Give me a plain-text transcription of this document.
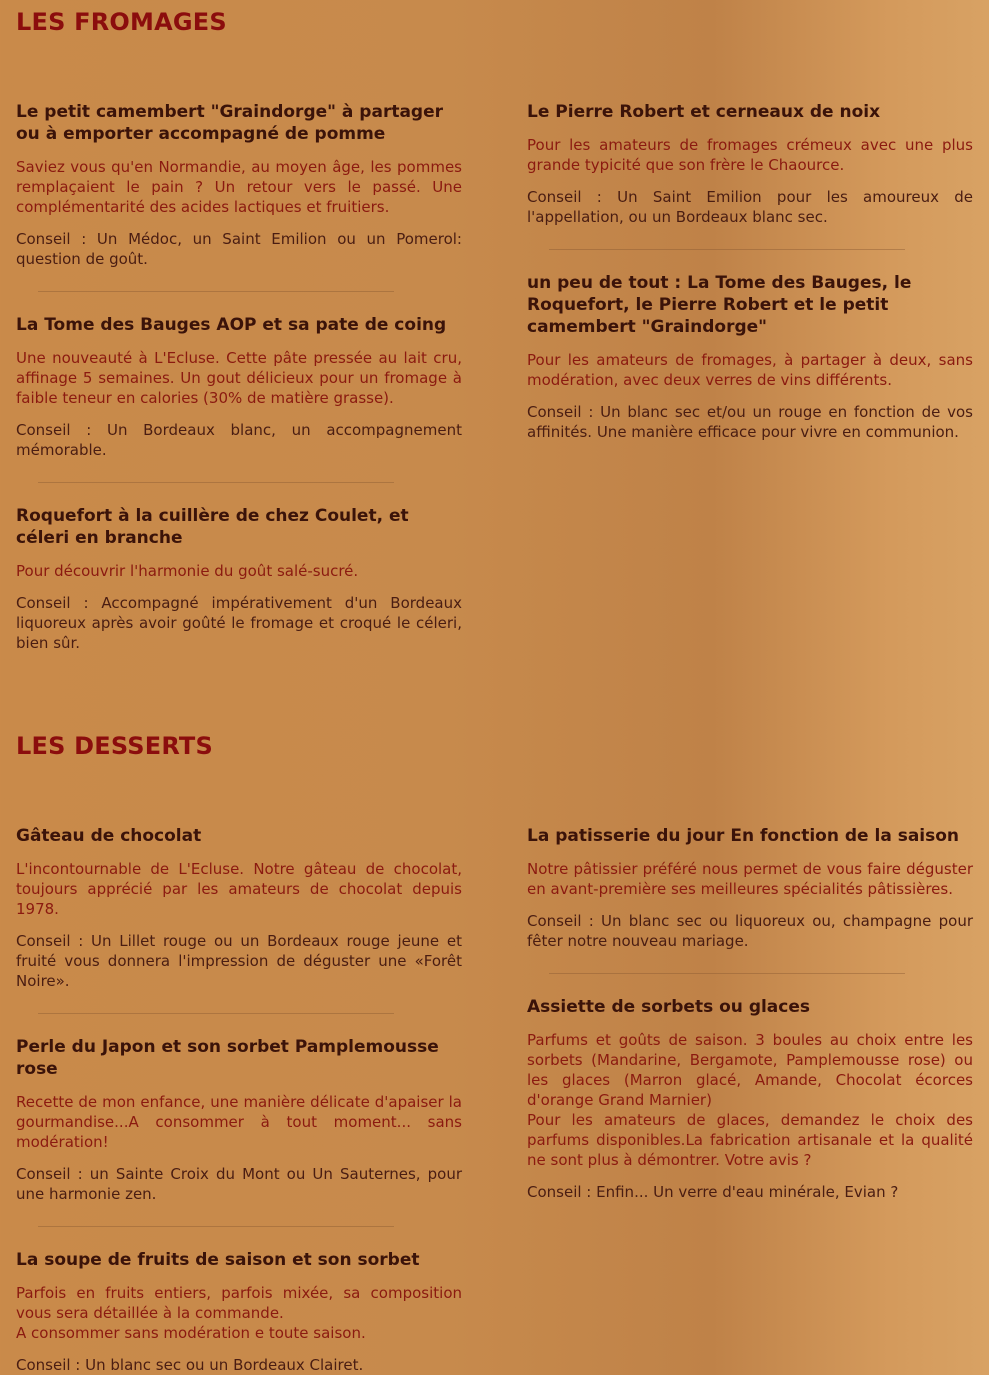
LES FROMAGES
Le petit camembert "Graindorge" à partager ou à emporter accompagné de pomme

Saviez vous qu'en Normandie, au moyen âge, les pommes remplaçaient le pain ? Un retour vers le passé. Une complémentarité des acides lactiques et fruitiers.

Conseil : Un Médoc, un Saint Emilion ou un Pomerol: question de goût.

La Tome des Bauges AOP et sa pate de coing

Une nouveauté à L'Ecluse. Cette pâte pressée au lait cru, affinage 5 semaines. Un gout délicieux pour un fromage à faible teneur en calories (30% de matière grasse).

Conseil : Un Bordeaux blanc, un accompagnement mémorable.

Roquefort à la cuillère de chez Coulet, et céleri en branche

Pour découvrir l'harmonie du goût salé-sucré.

Conseil : Accompagné impérativement d'un Bordeaux liquoreux après avoir goûté le fromage et croqué le céleri, bien sûr.

Le Pierre Robert et cerneaux de noix

Pour les amateurs de fromages crémeux avec une plus grande typicité que son frère le Chaource.

Conseil : Un Saint Emilion pour les amoureux de l'appellation, ou un Bordeaux blanc sec.

un peu de tout : La Tome des Bauges, le Roquefort, le Pierre Robert et le petit camembert "Graindorge"

Pour les amateurs de fromages, à partager à deux, sans modération, avec deux verres de vins différents.

Conseil : Un blanc sec et/ou un rouge en fonction de vos affinités. Une manière efficace pour vivre en communion.

LES DESSERTS
Gâteau de chocolat

L'incontournable de L'Ecluse. Notre gâteau de chocolat, toujours apprécié par les amateurs de chocolat depuis 1978.

Conseil : Un Lillet rouge ou un Bordeaux rouge jeune et fruité vous donnera l'impression de déguster une «Forêt Noire».

Perle du Japon et son sorbet Pamplemousse rose

Recette de mon enfance, une manière délicate d'apaiser la gourmandise...A consommer à tout moment... sans modération!

Conseil : un Sainte Croix du Mont ou Un Sauternes, pour une harmonie zen.

La soupe de fruits de saison et son sorbet

Parfois en fruits entiers, parfois mixée, sa composition vous sera détaillée à la commande.
A consommer sans modération e toute saison.

Conseil : Un blanc sec ou un Bordeaux Clairet.

La patisserie du jour En fonction de la saison

Notre pâtissier préféré nous permet de vous faire déguster en avant-première ses meilleures spécialités pâtissières.

Conseil : Un blanc sec ou liquoreux ou, champagne pour fêter notre nouveau mariage.

Assiette de sorbets ou glaces

Parfums et goûts de saison. 3 boules au choix entre les sorbets (Mandarine, Bergamote, Pamplemousse rose) ou les glaces (Marron glacé, Amande, Chocolat écorces d'orange Grand Marnier)
Pour les amateurs de glaces, demandez le choix des parfums disponibles.La fabrication artisanale et la qualité ne sont plus à démontrer. Votre avis ?

Conseil : Enfin... Un verre d'eau minérale, Evian ?
